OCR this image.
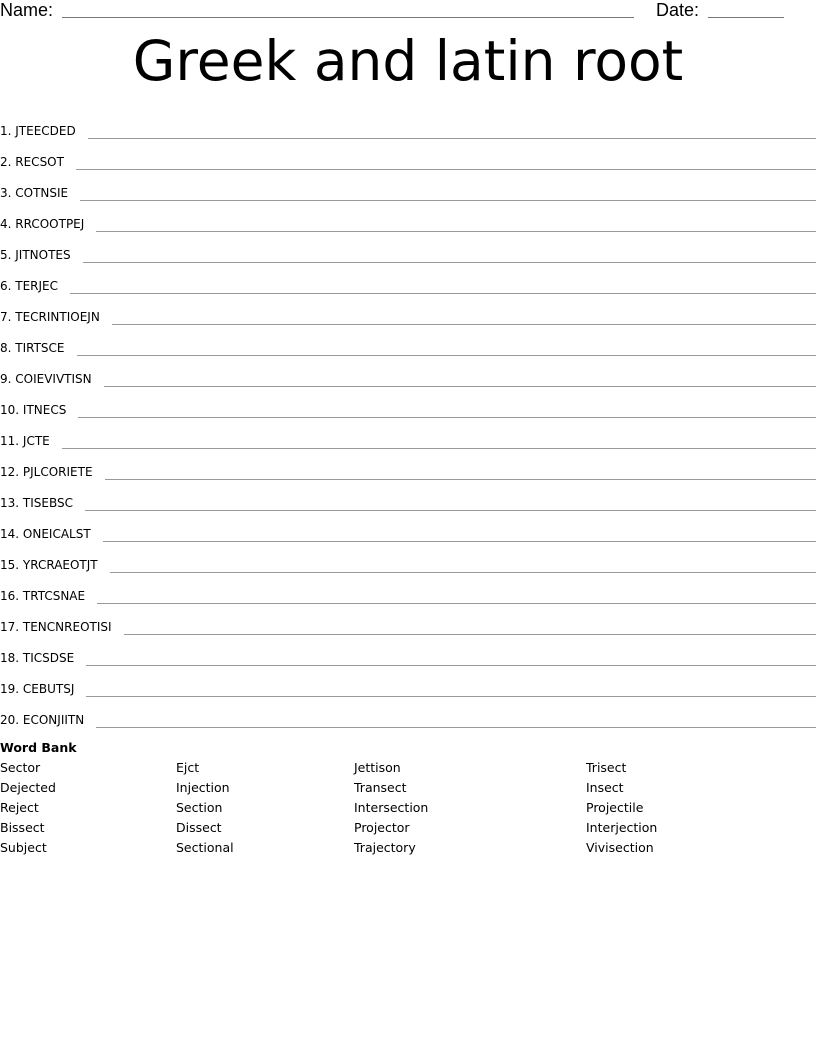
Name:	Date:
Greek and latin root
1. JTEECDED
2. RECSOT
3. COTNSIE
4. RRCOOTPEJ
5. JITNOTES
6. TERJEC
7. TECRINTIOEJN
8. TIRTSCE
9. COIEVIVTISN
10. ITNECS
11. JCTE
12. PJLCORIETE
13. TISEBSC
14. ONEICALST
15. YRCRAEOTJT
16. TRTCSNAE
17. TENCNREOTISI
18. TICSDSE
19. CEBUTSJ
20. ECONJIITN
Word Bank
Sector
Dejected
Reject
Bissect
Subject
Ejct
Injection
Section
Dissect
Sectional
Jettison
Transect
Intersection
Projector
Trajectory
Trisect
Insect
Projectile
Interjection
Vivisection
